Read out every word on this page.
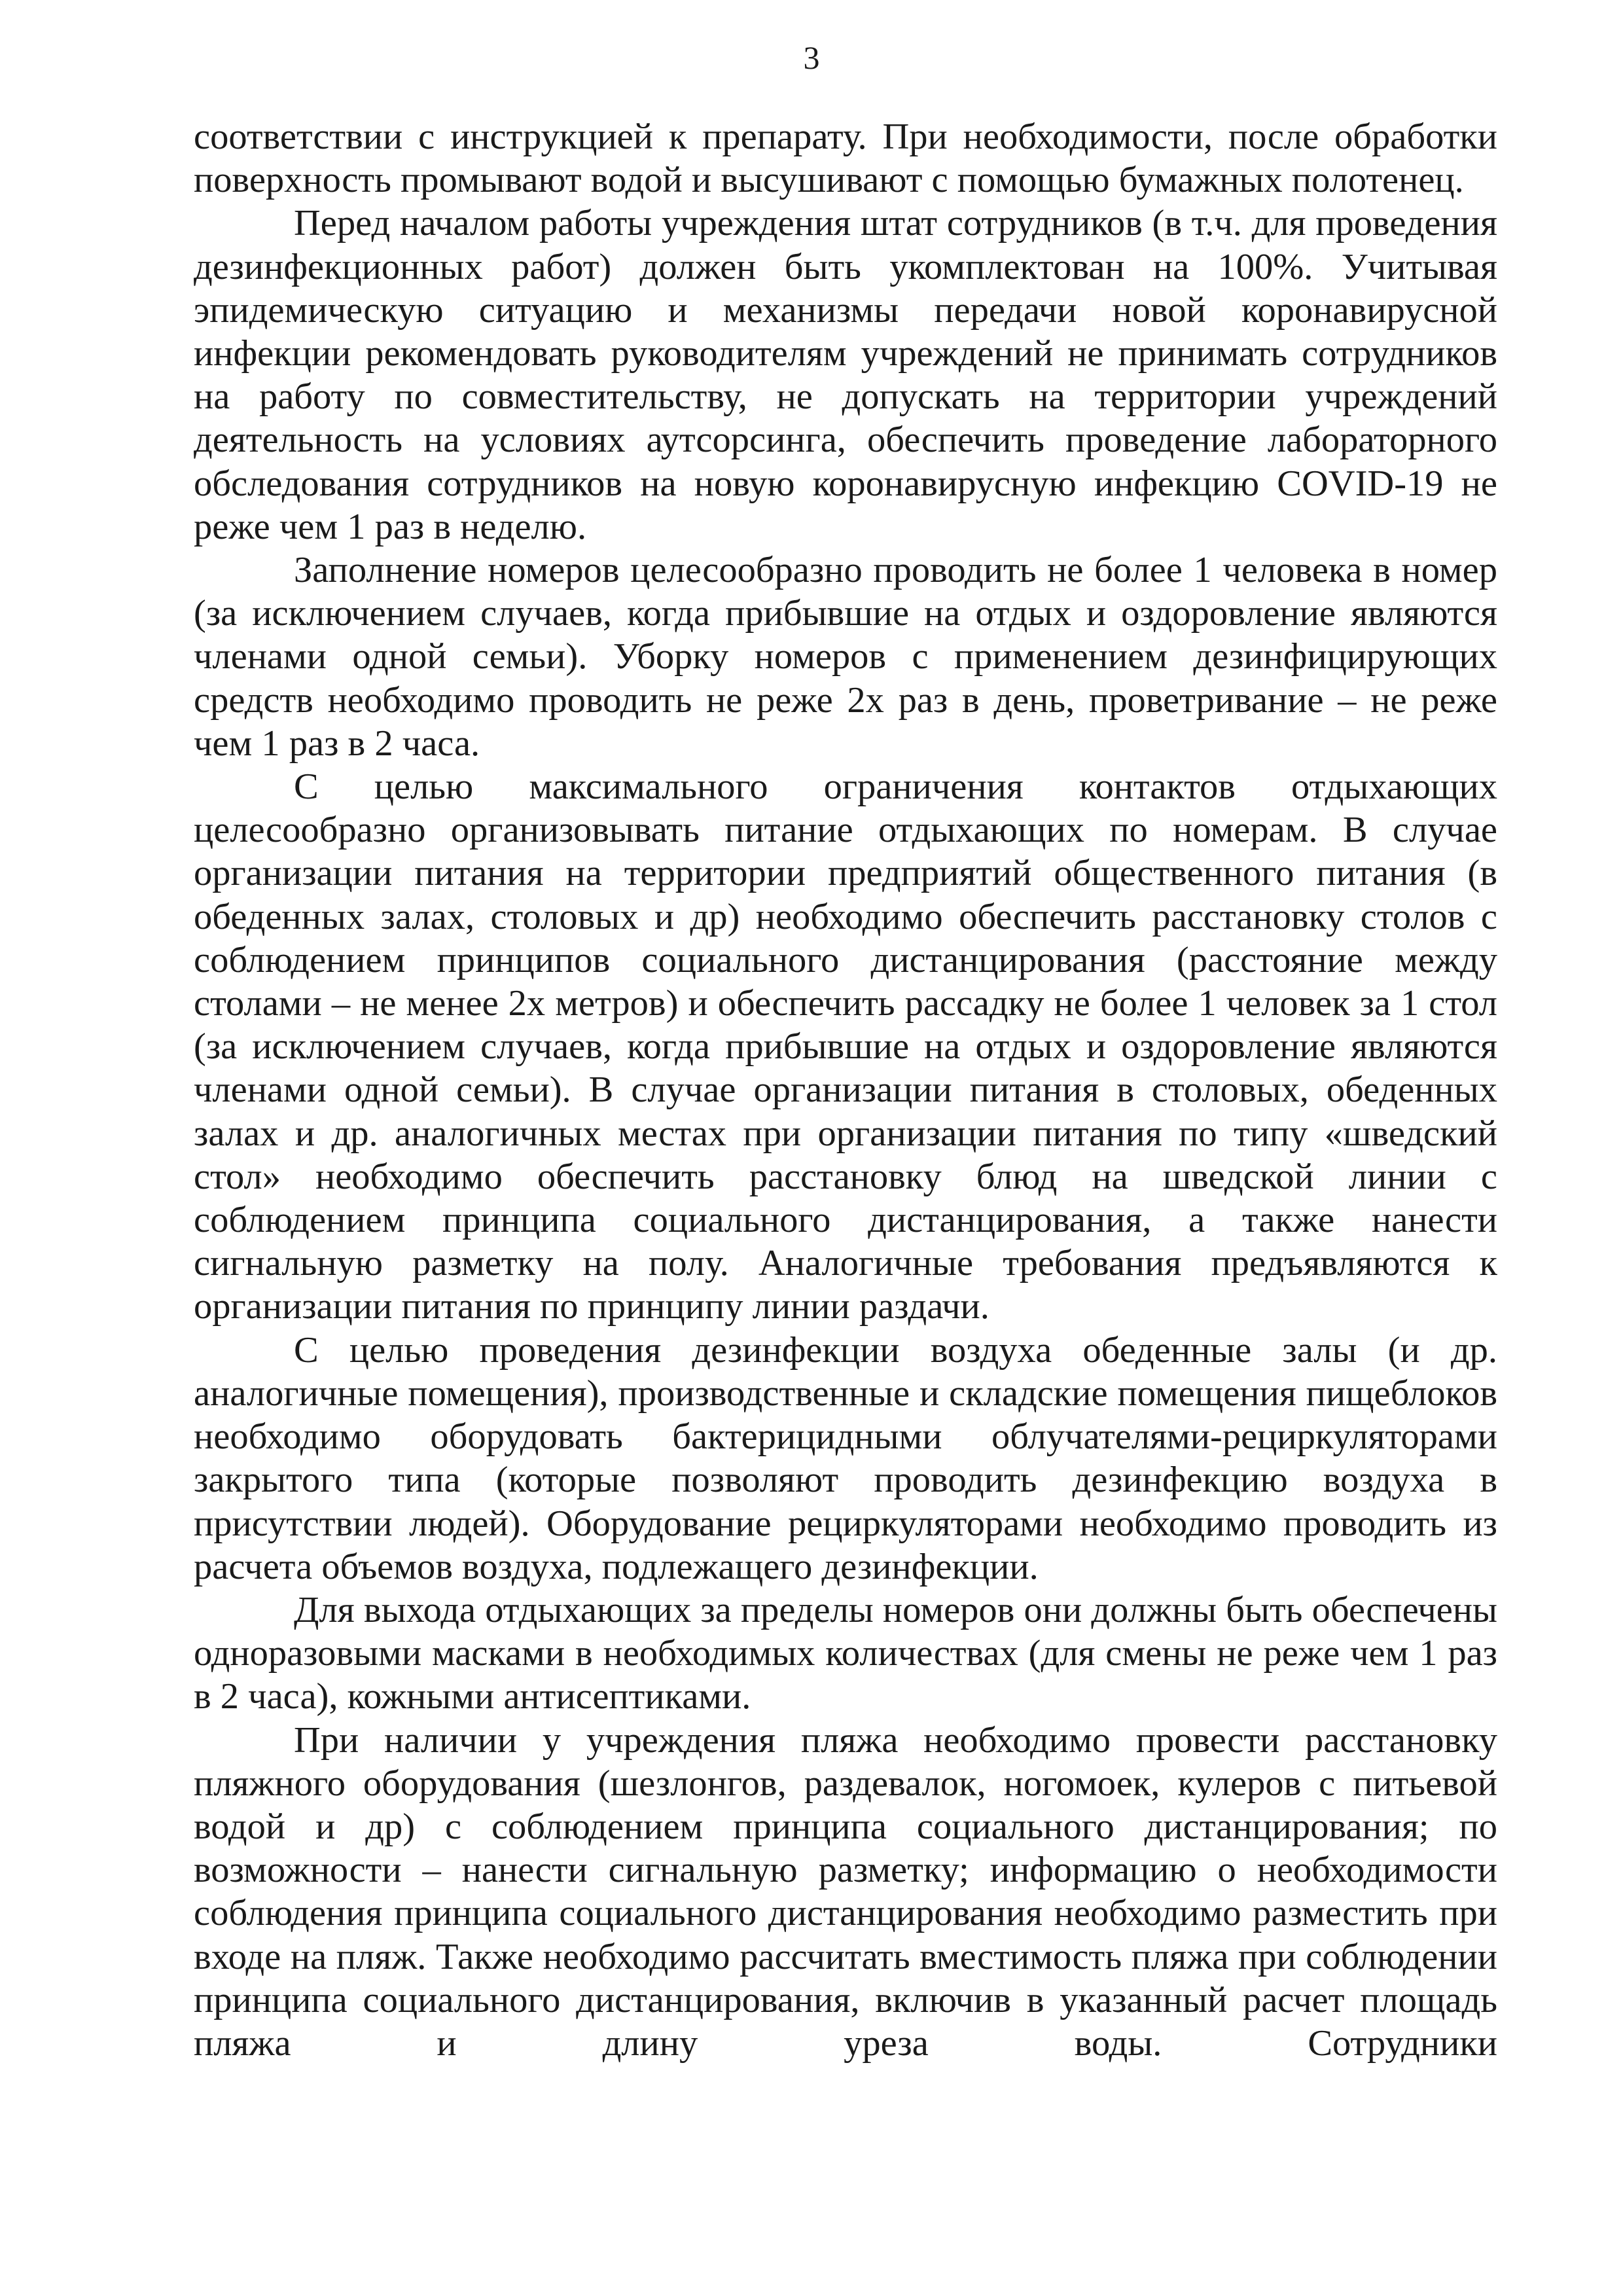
3

соответствии с инструкцией к препарату. При необходимости, после обработки поверхность промывают водой и высушивают с помощью бумажных полотенец.

Перед началом работы учреждения штат сотрудников (в т.ч. для проведения дезинфекционных работ) должен быть укомплектован на 100%. Учитывая эпидемическую ситуацию и механизмы передачи новой коронавирусной инфекции рекомендовать руководителям учреждений не принимать сотрудников на работу по совместительству, не допускать на территории учреждений деятельность на условиях аутсорсинга, обеспечить проведение лабораторного обследования сотрудников на новую коронавирусную инфекцию COVID-19 не реже чем 1 раз в неделю.

Заполнение номеров целесообразно проводить не более 1 человека в номер (за исключением случаев, когда прибывшие на отдых и оздоровление являются членами одной семьи). Уборку номеров с применением дезинфицирующих средств необходимо проводить не реже 2х раз в день, проветривание – не реже чем 1 раз в 2 часа.

С целью максимального ограничения контактов отдыхающих целесообразно организовывать питание отдыхающих по номерам. В случае организации питания на территории предприятий общественного питания (в обеденных залах, столовых и др) необходимо обеспечить расстановку столов с соблюдением принципов социального дистанцирования (расстояние между столами – не менее 2х метров) и обеспечить рассадку не более 1 человек за 1 стол (за исключением случаев, когда прибывшие на отдых и оздоровление являются членами одной семьи). В случае организации питания в столовых, обеденных залах и др. аналогичных местах при организации питания по типу «шведский стол» необходимо обеспечить расстановку блюд на шведской линии с соблюдением принципа социального дистанцирования, а также нанести сигнальную разметку на полу. Аналогичные требования предъявляются к организации питания по принципу линии раздачи.

С целью проведения дезинфекции воздуха обеденные залы (и др. аналогичные помещения), производственные и складские помещения пищеблоков необходимо оборудовать бактерицидными облучателями-рециркуляторами закрытого типа (которые позволяют проводить дезинфекцию воздуха в присутствии людей). Оборудование рециркуляторами необходимо проводить из расчета объемов воздуха, подлежащего дезинфекции.

Для выхода отдыхающих за пределы номеров они должны быть обеспечены одноразовыми масками в необходимых количествах (для смены не реже чем 1 раз в 2 часа), кожными антисептиками.

При наличии у учреждения пляжа необходимо провести расстановку пляжного оборудования (шезлонгов, раздевалок, ногомоек, кулеров с питьевой водой и др) с соблюдением принципа социального дистанцирования; по возможности – нанести сигнальную разметку; информацию о необходимости соблюдения принципа социального дистанцирования необходимо разместить при входе на пляж. Также необходимо рассчитать вместимость пляжа при соблюдении принципа социального дистанцирования, включив в указанный расчет площадь пляжа и длину уреза воды. Сотрудники
